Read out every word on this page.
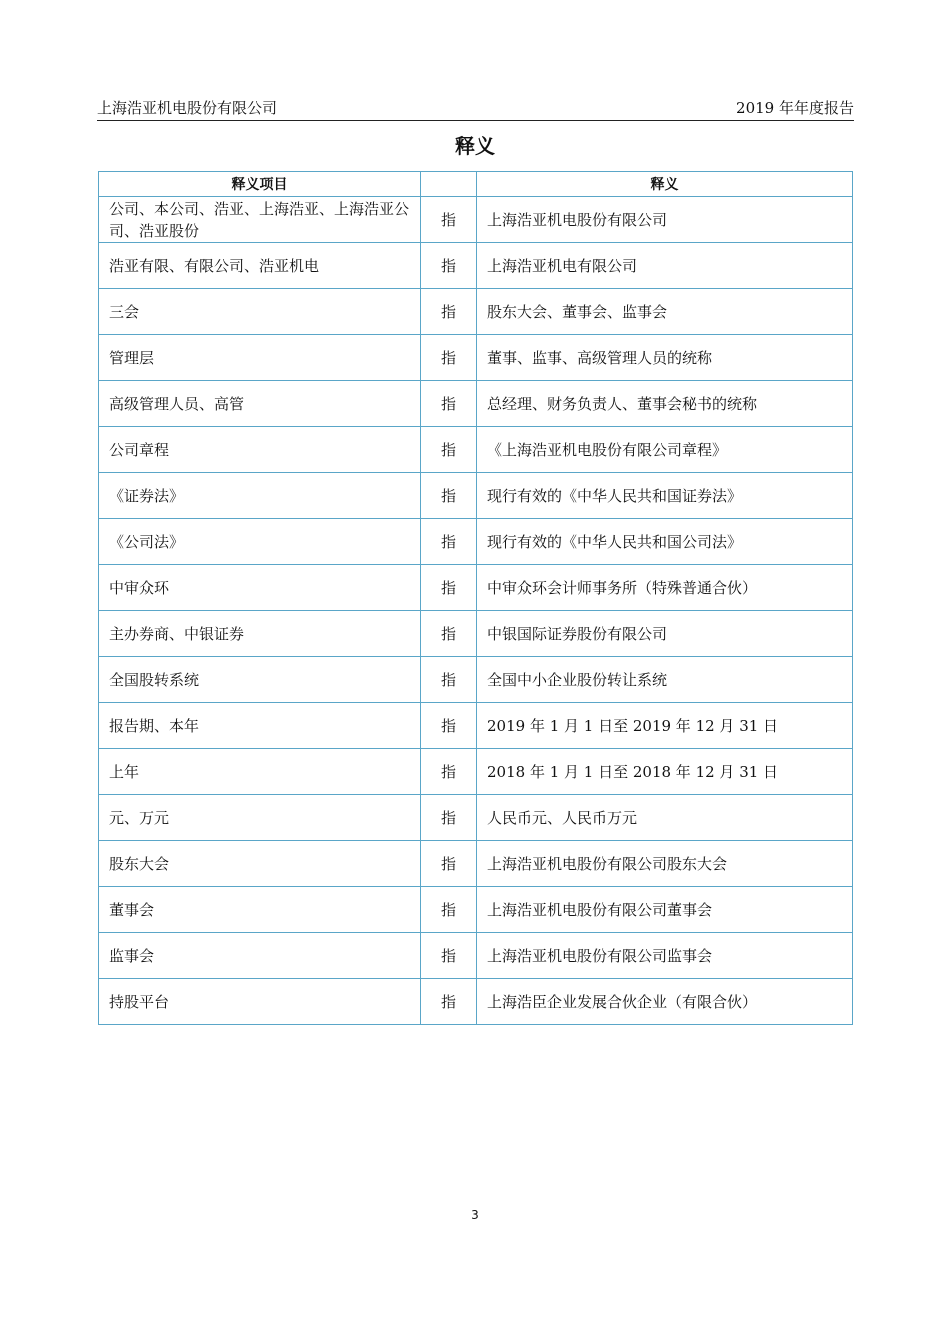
上海浩亚机电股份有限公司	2019 年年度报告
释义
释义项目		释义
公司、本公司、浩亚、上海浩亚、上海浩亚公司、浩亚股份	指	上海浩亚机电股份有限公司
浩亚有限、有限公司、浩亚机电	指	上海浩亚机电有限公司
三会	指	股东大会、董事会、监事会
管理层	指	董事、监事、高级管理人员的统称
高级管理人员、高管	指	总经理、财务负责人、董事会秘书的统称
公司章程	指	《上海浩亚机电股份有限公司章程》
《证券法》	指	现行有效的《中华人民共和国证券法》
《公司法》	指	现行有效的《中华人民共和国公司法》
中审众环	指	中审众环会计师事务所（特殊普通合伙）
主办券商、中银证券	指	中银国际证券股份有限公司
全国股转系统	指	全国中小企业股份转让系统
报告期、本年	指	2019 年 1 月 1 日至 2019 年 12 月 31 日
上年	指	2018 年 1 月 1 日至 2018 年 12 月 31 日
元、万元	指	人民币元、人民币万元
股东大会	指	上海浩亚机电股份有限公司股东大会
董事会	指	上海浩亚机电股份有限公司董事会
监事会	指	上海浩亚机电股份有限公司监事会
持股平台	指	上海浩臣企业发展合伙企业（有限合伙）
3
